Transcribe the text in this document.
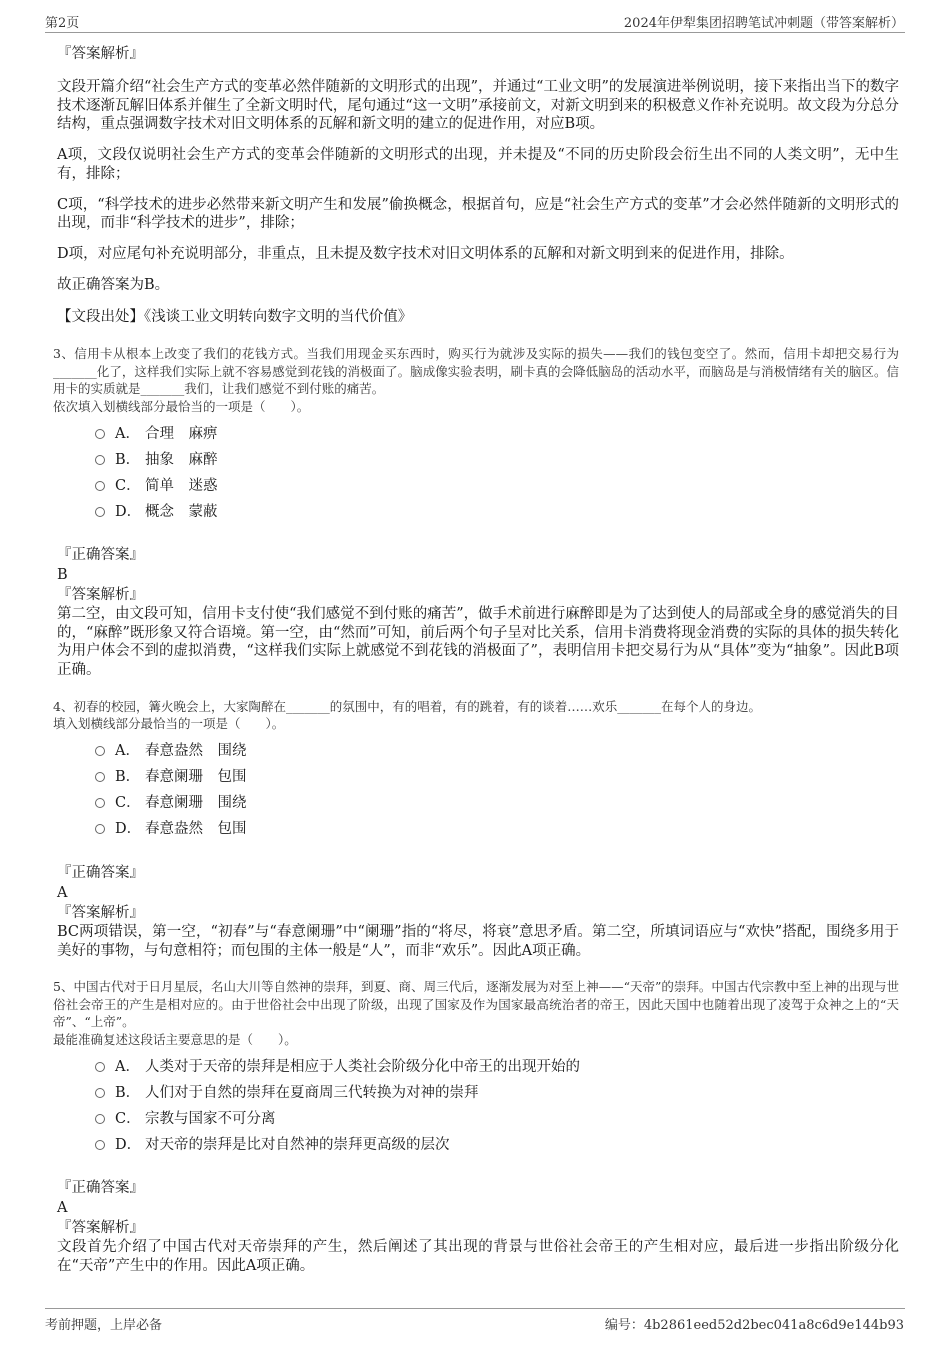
第2页	2024年伊犁集团招聘笔试冲刺题（带答案解析）

『答案解析』

文段开篇介绍“社会生产方式的变革必然伴随新的文明形式的出现”，并通过“工业文明”的发展演进举例说明，接下来指出当下的数字技术逐渐瓦解旧体系并催生了全新文明时代，尾句通过“这一文明”承接前文，对新文明到来的积极意义作补充说明。故文段为分总分结构，重点强调数字技术对旧文明体系的瓦解和新文明的建立的促进作用，对应B项。

A项，文段仅说明社会生产方式的变革会伴随新的文明形式的出现，并未提及“不同的历史阶段会衍生出不同的人类文明”，无中生有，排除；

C项，“科学技术的进步必然带来新文明产生和发展”偷换概念，根据首句，应是“社会生产方式的变革”才会必然伴随新的文明形式的出现，而非“科学技术的进步”，排除；

D项，对应尾句补充说明部分，非重点，且未提及数字技术对旧文明体系的瓦解和对新文明到来的促进作用，排除。

故正确答案为B。

【文段出处】《浅谈工业文明转向数字文明的当代价值》

3、信用卡从根本上改变了我们的花钱方式。当我们用现金买东西时，购买行为就涉及实际的损失——我们的钱包变空了。然而，信用卡却把交易行为_______化了，这样我们实际上就不容易感觉到花钱的消极面了。脑成像实验表明，刷卡真的会降低脑岛的活动水平，而脑岛是与消极情绪有关的脑区。信用卡的实质就是_______我们，让我们感觉不到付账的痛苦。

依次填入划横线部分最恰当的一项是（　　）。

A． 合理　麻痹
B． 抽象　麻醉
C． 简单　迷惑
D． 概念　蒙蔽

『正确答案』

B

『答案解析』

第二空，由文段可知，信用卡支付使“我们感觉不到付账的痛苦”，做手术前进行麻醉即是为了达到使人的局部或全身的感觉消失的目的，“麻醉”既形象又符合语境。第一空，由“然而”可知，前后两个句子呈对比关系，信用卡消费将现金消费的实际的具体的损失转化为用户体会不到的虚拟消费，“这样我们实际上就感觉不到花钱的消极面了”，表明信用卡把交易行为从“具体”变为“抽象”。因此B项正确。

4、初春的校园，篝火晚会上，大家陶醉在_______的氛围中，有的唱着，有的跳着，有的谈着……欢乐_______在每个人的身边。

填入划横线部分最恰当的一项是（　　）。

A． 春意盎然　围绕
B． 春意阑珊　包围
C． 春意阑珊　围绕
D． 春意盎然　包围

『正确答案』

A

『答案解析』

BC两项错误，第一空，“初春”与“春意阑珊”中“阑珊”指的“将尽，将衰”意思矛盾。第二空，所填词语应与“欢快”搭配，围绕多用于美好的事物，与句意相符；而包围的主体一般是“人”，而非“欢乐”。因此A项正确。

5、中国古代对于日月星辰，名山大川等自然神的崇拜，到夏、商、周三代后，逐渐发展为对至上神——“天帝”的崇拜。中国古代宗教中至上神的出现与世俗社会帝王的产生是相对应的。由于世俗社会中出现了阶级，出现了国家及作为国家最高统治者的帝王，因此天国中也随着出现了凌驾于众神之上的“天帝”、“上帝”。

最能准确复述这段话主要意思的是（　　）。

A． 人类对于天帝的崇拜是相应于人类社会阶级分化中帝王的出现开始的
B． 人们对于自然的崇拜在夏商周三代转换为对神的崇拜
C． 宗教与国家不可分离
D． 对天帝的崇拜是比对自然神的崇拜更高级的层次

『正确答案』

A

『答案解析』

文段首先介绍了中国古代对天帝崇拜的产生，然后阐述了其出现的背景与世俗社会帝王的产生相对应，最后进一步指出阶级分化在“天帝”产生中的作用。因此A项正确。

考前押题，上岸必备	编号：4b2861eed52d2bec041a8c6d9e144b93
